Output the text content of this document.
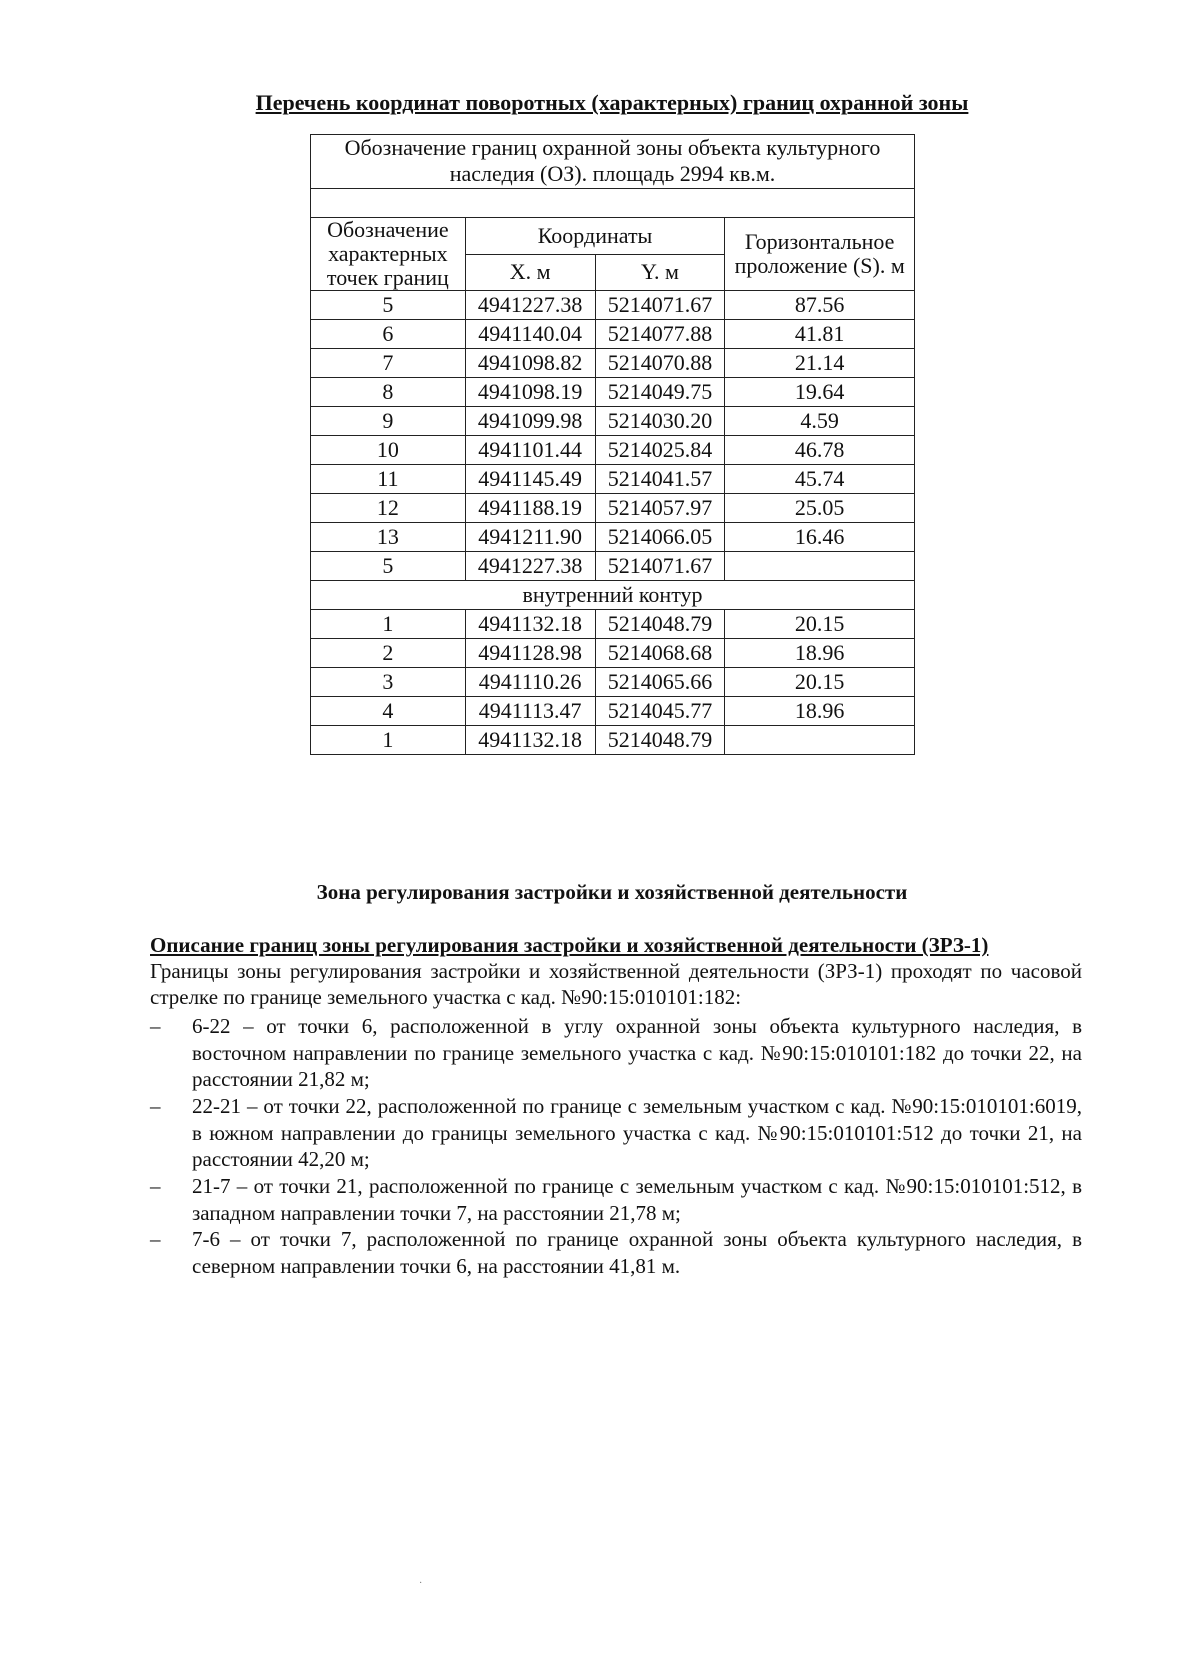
Перечень координат поворотных (характерных) границ охранной зоны
Обозначение границ охранной зоны объекта культурного наследия (ОЗ). площадь 2994 кв.м.			

Обозначение характерных точек границ	Координаты		Горизонтальное проложение (S). м
	X. м	Y. м	
5	4941227.38	5214071.67	87.56
6	4941140.04	5214077.88	41.81
7	4941098.82	5214070.88	21.14
8	4941098.19	5214049.75	19.64
9	4941099.98	5214030.20	4.59
10	4941101.44	5214025.84	46.78
11	4941145.49	5214041.57	45.74
12	4941188.19	5214057.97	25.05
13	4941211.90	5214066.05	16.46
5	4941227.38	5214071.67	
внутренний контур			
1	4941132.18	5214048.79	20.15
2	4941128.98	5214068.68	18.96
3	4941110.26	5214065.66	20.15
4	4941113.47	5214045.77	18.96
1	4941132.18	5214048.79	
Зона регулирования застройки и хозяйственной деятельности
Описание границ зоны регулирования застройки и хозяйственной деятельности (ЗРЗ-1)
Границы зоны регулирования застройки и хозяйственной деятельности (ЗРЗ-1) проходят по часовой стрелке по границе земельного участка с кад. №90:15:010101:182:
– 6-22 – от точки 6, расположенной в углу охранной зоны объекта культурного наследия, в восточном направлении по границе земельного участка с кад. №90:15:010101:182 до точки 22, на расстоянии 21,82 м;
– 22-21 – от точки 22, расположенной по границе с земельным участком с кад. №90:15:010101:6019, в южном направлении до границы земельного участка с кад. №90:15:010101:512 до точки 21, на расстоянии 42,20 м;
– 21-7 – от точки 21, расположенной по границе с земельным участком с кад. №90:15:010101:512, в западном направлении точки 7, на расстоянии 21,78 м;
– 7-6 – от точки 7, расположенной по границе охранной зоны объекта культурного наследия, в северном направлении точки 6, на расстоянии 41,81 м.
·
